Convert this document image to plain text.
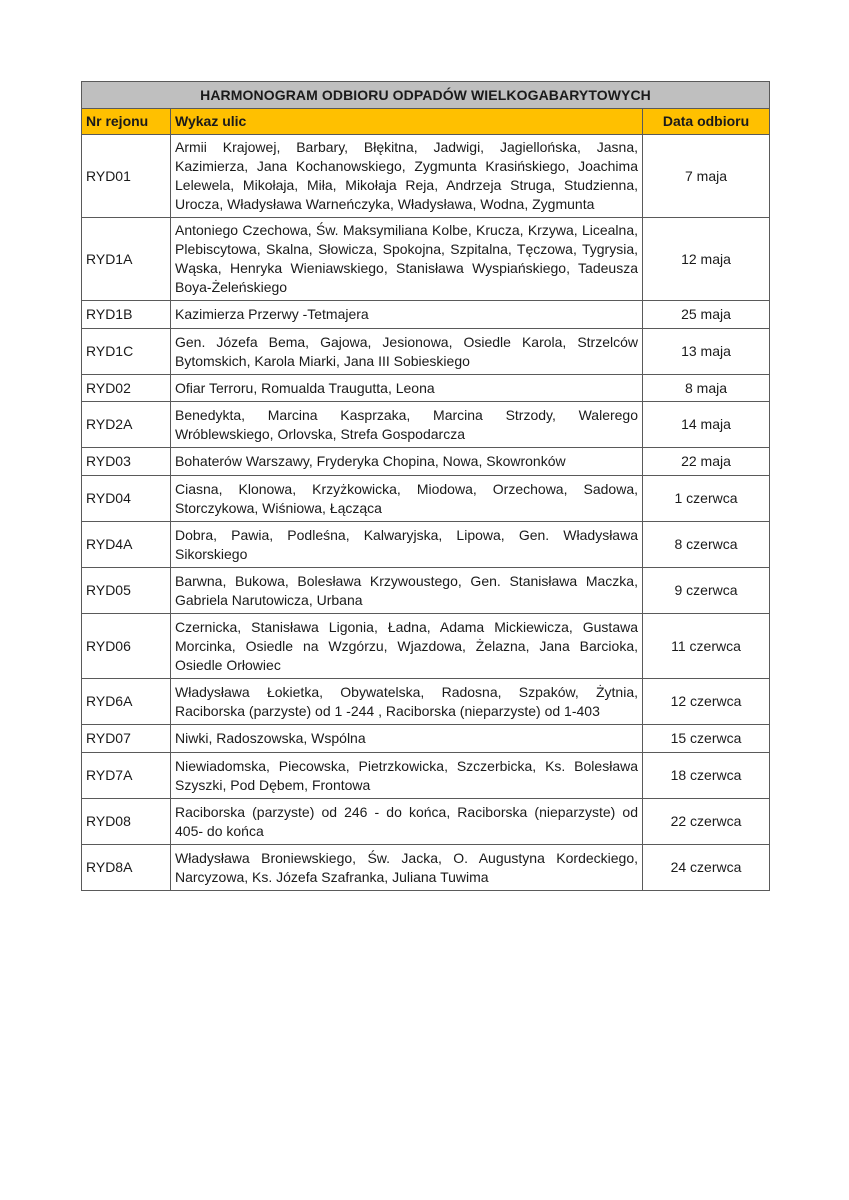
HARMONOGRAM ODBIORU ODPADÓW WIELKOGABARYTOWYCH		
Nr rejonu	Wykaz ulic	Data odbioru
RYD01	Armii Krajowej, Barbary, Błękitna, Jadwigi, Jagiellońska, Jasna, Kazimierza, Jana Kochanowskiego, Zygmunta Krasińskiego, Joachima Lelewela, Mikołaja, Miła, Mikołaja Reja, Andrzeja Struga, Studzienna, Urocza, Władysława Warneńczyka, Władysława, Wodna, Zygmunta	7 maja
RYD1A	Antoniego Czechowa, Św. Maksymiliana Kolbe, Krucza, Krzywa, Licealna, Plebiscytowa, Skalna, Słowicza, Spokojna, Szpitalna, Tęczowa, Tygrysia, Wąska, Henryka Wieniawskiego, Stanisława Wyspiańskiego, Tadeusza Boya-Żeleńskiego	12 maja
RYD1B	Kazimierza Przerwy -Tetmajera	25 maja
RYD1C	Gen. Józefa Bema, Gajowa, Jesionowa, Osiedle Karola, Strzelców Bytomskich, Karola Miarki, Jana III Sobieskiego	13 maja
RYD02	Ofiar Terroru, Romualda Traugutta, Leona	8 maja
RYD2A	Benedykta, Marcina Kasprzaka, Marcina Strzody, Walerego Wróblewskiego, Orlovska, Strefa Gospodarcza	14 maja
RYD03	Bohaterów Warszawy, Fryderyka Chopina, Nowa, Skowronków	22 maja
RYD04	Ciasna, Klonowa, Krzyżkowicka, Miodowa, Orzechowa, Sadowa, Storczykowa, Wiśniowa, Łącząca	1 czerwca
RYD4A	Dobra, Pawia, Podleśna, Kalwaryjska, Lipowa, Gen. Władysława Sikorskiego	8 czerwca
RYD05	Barwna, Bukowa, Bolesława Krzywoustego, Gen. Stanisława Maczka, Gabriela Narutowicza, Urbana	9 czerwca
RYD06	Czernicka, Stanisława Ligonia, Ładna, Adama Mickiewicza, Gustawa Morcinka, Osiedle na Wzgórzu, Wjazdowa, Żelazna, Jana Barcioka, Osiedle Orłowiec	11 czerwca
RYD6A	Władysława Łokietka, Obywatelska, Radosna, Szpaków, Żytnia, Raciborska (parzyste) od 1 -244 , Raciborska (nieparzyste) od 1-403	12 czerwca
RYD07	Niwki, Radoszowska, Wspólna	15 czerwca
RYD7A	Niewiadomska, Piecowska, Pietrzkowicka, Szczerbicka, Ks. Bolesława Szyszki, Pod Dębem, Frontowa	18 czerwca
RYD08	Raciborska (parzyste) od 246 - do końca, Raciborska (nieparzyste) od 405- do końca	22 czerwca
RYD8A	Władysława Broniewskiego, Św. Jacka, O. Augustyna Kordeckiego, Narcyzowa, Ks. Józefa Szafranka, Juliana Tuwima	24 czerwca
